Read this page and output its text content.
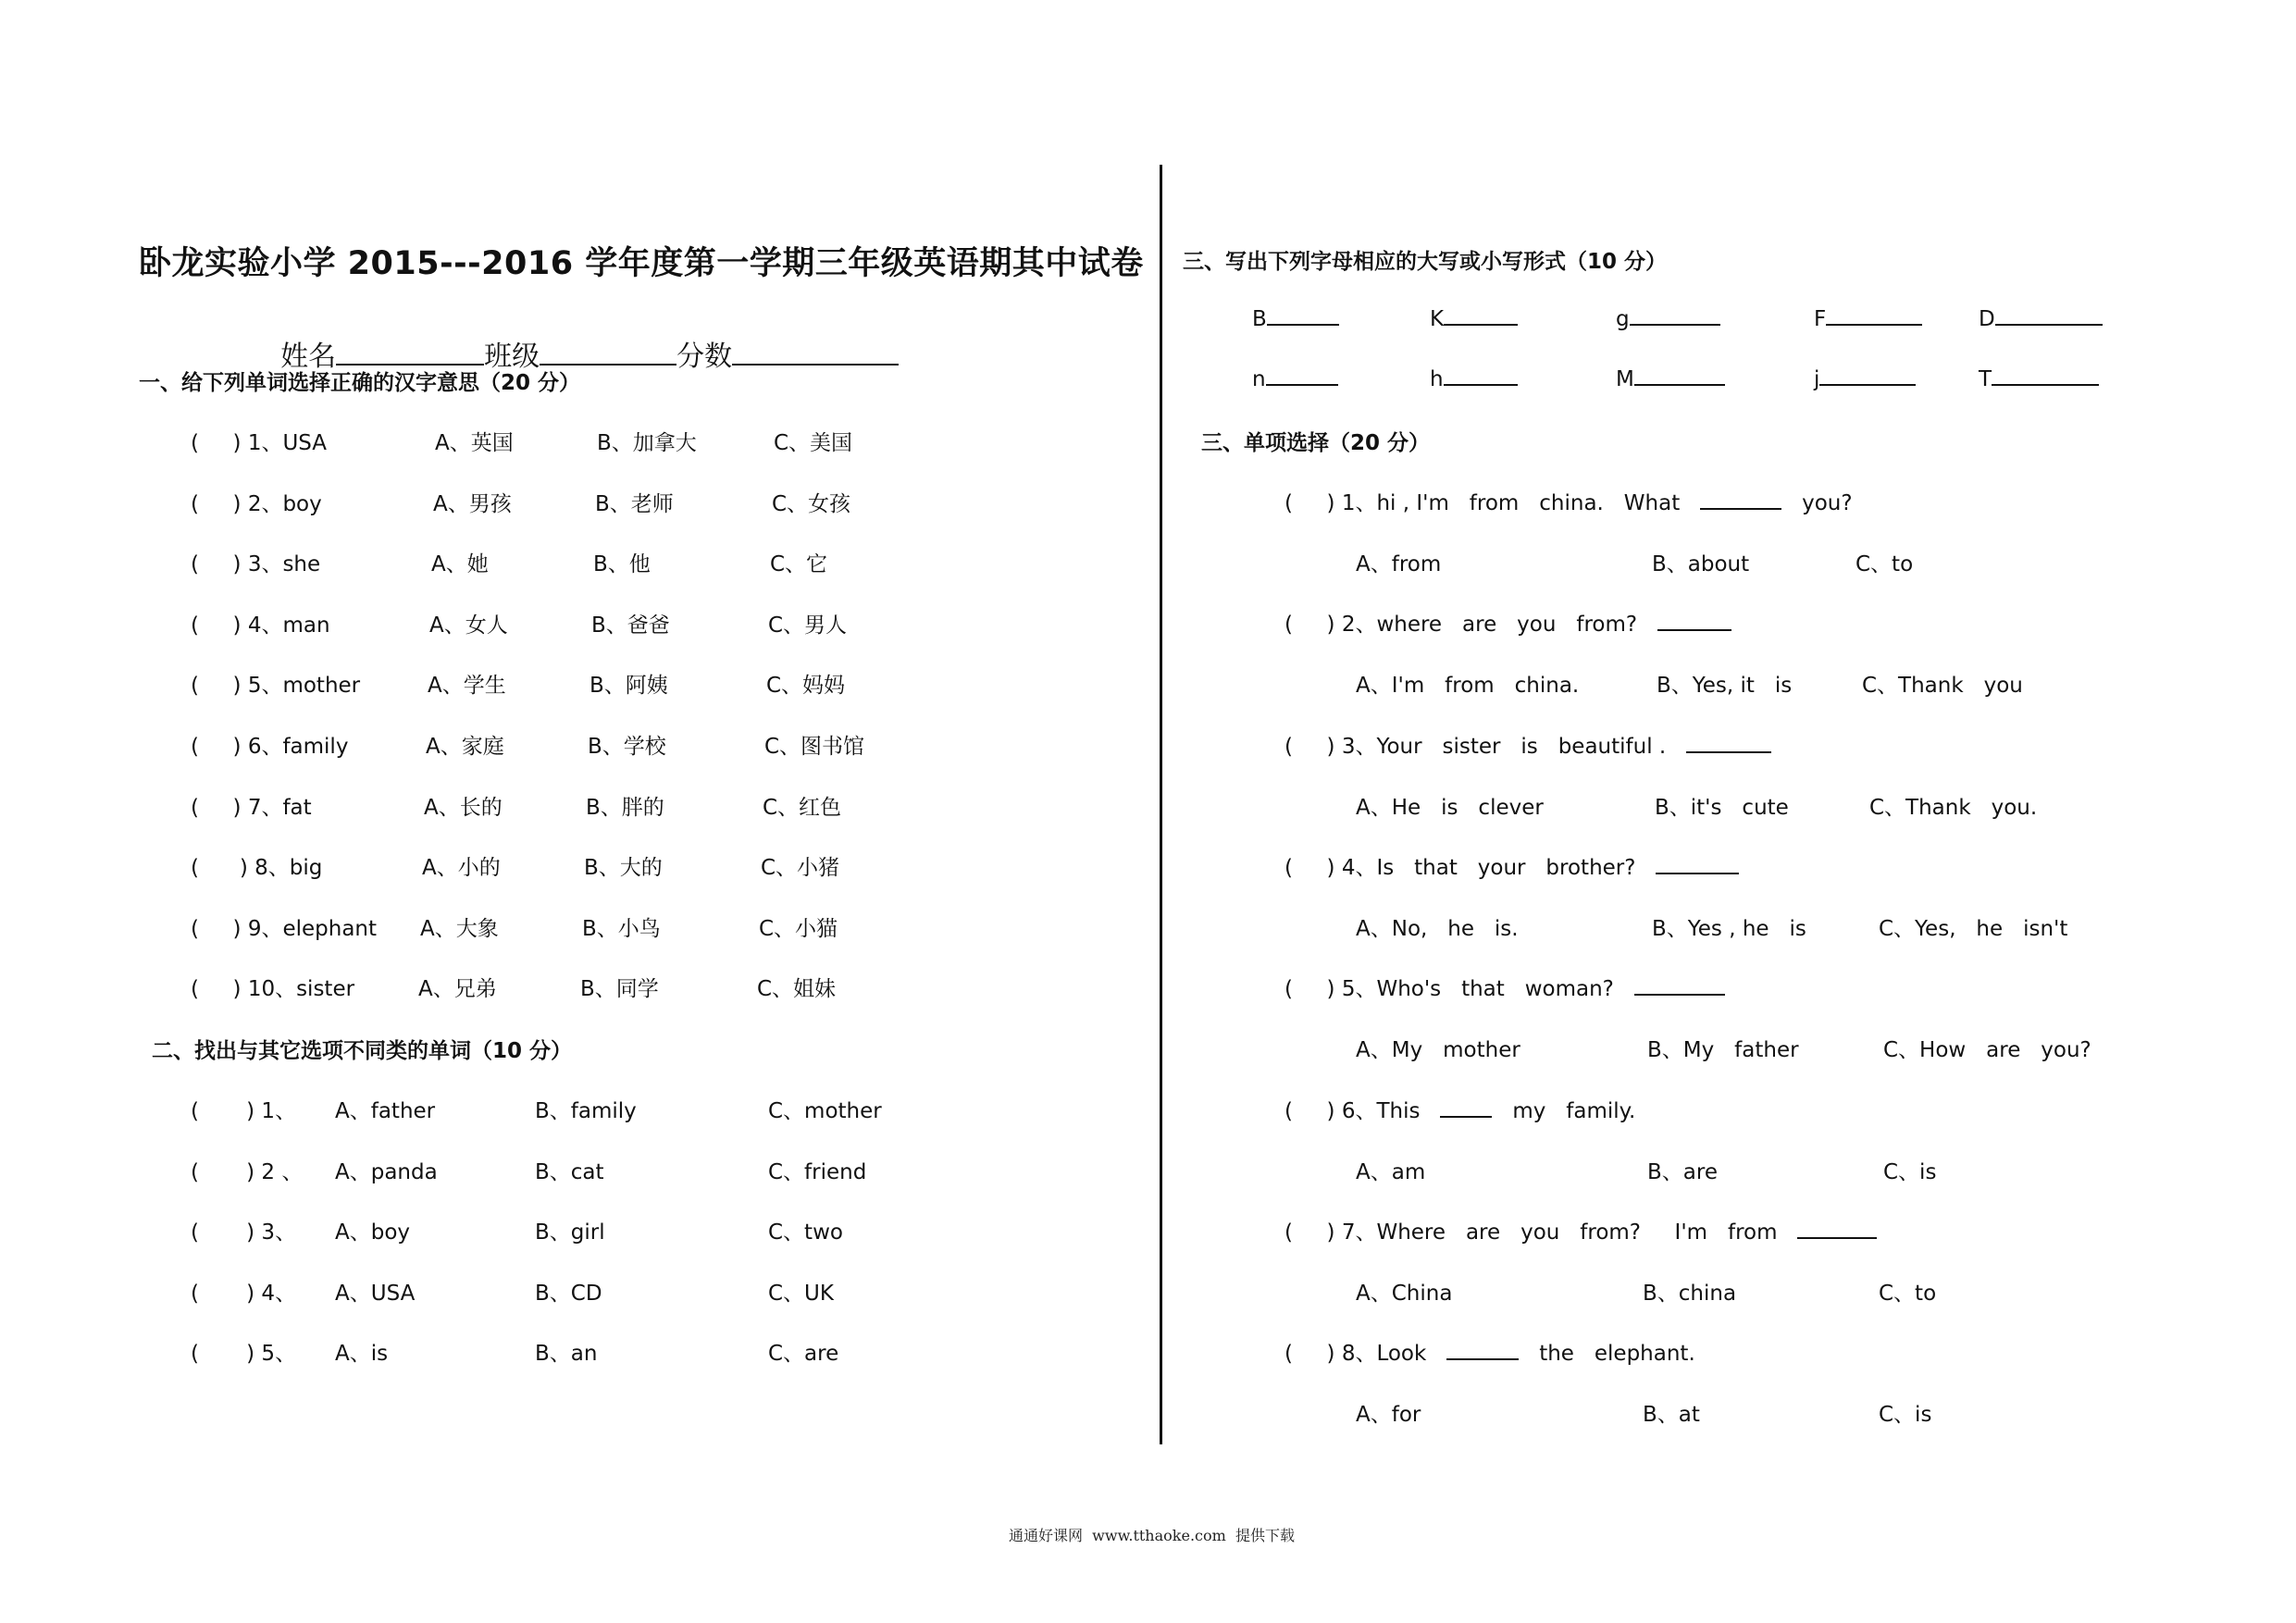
卧龙实验小学 2015---2016 学年度第一学期三年级英语期其中试卷

姓名	班级	分数

一、给下列单词选择正确的汉字意思（20 分）
(     ) 1、USA	A、英国	B、加拿大	C、美国
(     ) 2、boy	A、男孩	B、老师	C、女孩
(     ) 3、she	A、她	B、他	C、它
(     ) 4、man	A、女人	B、爸爸	C、男人
(     ) 5、mother	A、学生	B、阿姨	C、妈妈
(     ) 6、family	A、家庭	B、学校	C、图书馆
(     ) 7、fat	A、长的	B、胖的	C、红色
(      ) 8、big	A、小的	B、大的	C、小猪
(     ) 9、elephant A、大象	B、小鸟	C、小猫
(     ) 10、sister	A、兄弟	B、同学	C、姐妹
二、找出与其它选项不同类的单词（10 分）
(       ) 1、 A、father	B、family	C、mother
(       ) 2 、 A、panda	B、cat	C、friend
(       ) 3、 A、boy	B、girl	C、two
(       ) 4、 A、USA	B、CD	C、UK
(       ) 5、 A、is	B、an	C、are
三、写出下列字母相应的大写或小写形式（10 分）
B	K	g	F	D
n	h	M	j	T
三、单项选择（20 分）
(     ) 1、hi , I'm   from   china.   What	you?
A、from	B、about	C、to
(     ) 2、where   are   you   from?
A、I'm   from   china.	B、Yes, it   is	C、Thank   you
(     ) 3、Your   sister   is   beautiful .
A、He   is   clever	B、it's   cute	C、Thank   you.
(     ) 4、Is   that   your   brother?
A、No,   he   is.	B、Yes , he   is	C、Yes,   he   isn't
(     ) 5、Who's   that   woman?
A、My   mother	B、My   father	C、How   are   you?
(     ) 6、This	my   family.
A、am	B、are	C、is
(     ) 7、Where   are   you   from?     I'm   from
A、China	B、china	C、to
(     ) 8、Look	the   elephant.
A、for	B、at	C、is
通通好课网  www.tthaoke.com  提供下载
